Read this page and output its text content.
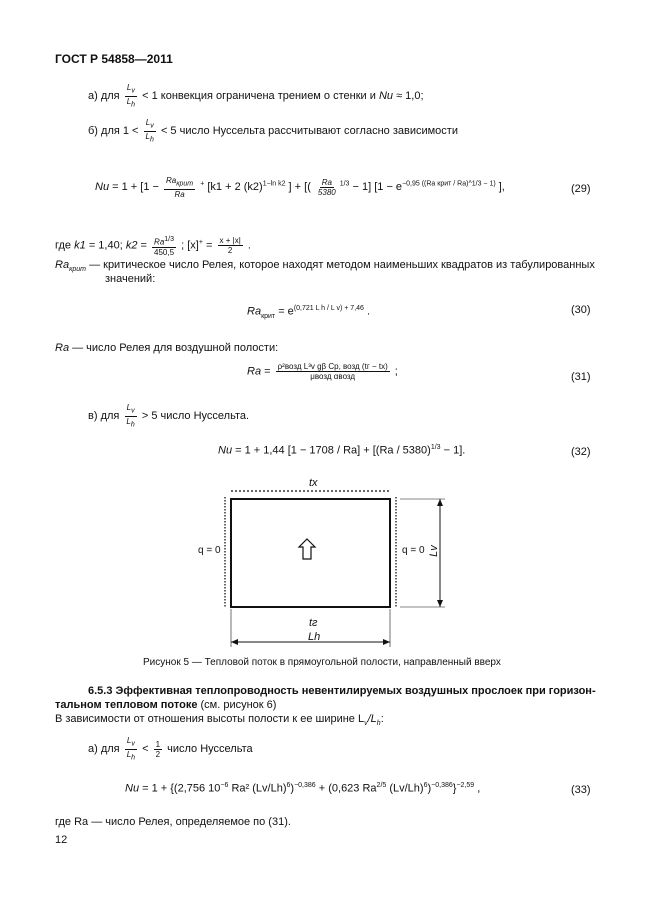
ГОСТ Р 54858—2011
а) для $\frac{L_v}{L_h} < 1$ конвекция ограничена трением о стенки и Nu ≈ 1,0;
б) для $1 < \frac{L_v}{L_h} < 5$ число Нуссельта рассчитывают согласно зависимости
$Nu = 1 + [1 - \frac{Ra_{крит}}{Ra} ^+$ [k1 + 2 $(k2)^{1-ln k2}$ ] + [( $\frac{Ra}{5380} ^{1/3} - 1$] [$1 - e^{-0,95 ((Ra крит / Ra)\^{}1/3 - 1)}$ ],	(29)
где k1 = 1,40; $k2 = \frac{Ra^{1/3}}{450,5}$ ; $[x]^+ = \frac{x + |x|}{2}$ .
$Ra_{крит}$ — критическое число Релея, которое находят методом наименьших квадратов из табулированных
значений:
$Ra_{крит} = e^{(0,721 L h / L v) + 7,46}$ .	(30)
Ra — число Релея для воздушной полости:
$Ra = \frac{\text{ρ²возд L³v gβ Cp, возд (tг − tx)}}{\text{μвозд αвозд}}$ ;	(31)
в) для $\frac{L_v}{L_h} > 5$ число Нуссельта.
Nu = 1 + 1,44 [1 − 1708 / Ra] + [(Ra / 5380)$^{1/3}$ − 1].	(32)
tx
q = 0	q = 0 Lv
tг
Lh
Рисунок 5 — Тепловой поток в прямоугольной полости, направленный вверх
6.5.3 Эффективная теплопроводность невентилируемых воздушных прослоек при горизон-
тальном тепловом потоке (см. рисунок 6)
В зависимости от отношения высоты полости к ее ширине $L_v/L_h$:
а) для $\frac{L_v}{L_h} < \frac{1}{2}$ число Нуссельта
Nu = 1 + {(2,756 $10^{-6}$ Ra² $(Lv/Lh)^6)^{-0,386} + (0,623$ $Ra^{2/5}$ $(Lv/Lh)^6)^{-0,386}\}^{-2,59}$ ,	(33)
где Ra — число Релея, определяемое по (31).
12
